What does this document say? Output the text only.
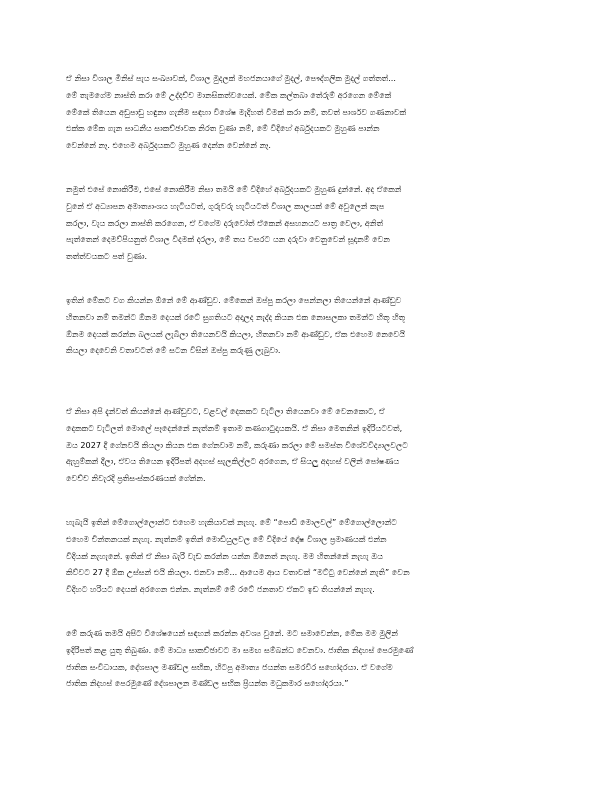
ඒ නිසා විශාල මිනිස් පැය සංඛ්‍යාවක්, විශාල මුදලක් මහජනයාගේ මුදල්, පෞද්ගලික මුදල් ගත්තත්...
මේ තැමගේම නාස්ති කරා මේ උද්දච්ච මානසිකත්වයෙක්. මේක කල්තබා තේරුම් අරගෙන මේකේ
මේකේ තියෙන අඩුපාඩු හඳුනා ගැනීම සඳහා විශේෂ මැදිහත් වීමක් කරා නම්, තවත් පාර්ශව ගණනාවක්
එක්ක මේක ගැන සාධනීය සාකච්ඡාවක නිරත වුණා නම්, මේ විදිහේ අර්බුදයකට මුහුණ පාන්න
වෙන්නේ නෑ. එහෙම අර්බුදයකට මුහුණ දෙන්න වෙන්නේ නෑ.

නමුත් එසේ නොකිරීම, එසේ නොකිරීම නිසා තමයි මේ විදිහේ අර්බුදයකට මුහුණ දුන්නේ. අද ඒකෙන්
වුනේ ඒ අධ්‍යාපන අමාත්‍යාංශය හැටියටත්, ගුරුවරු හැටියටත් විශාල කාලයක් මේ අවුලෙන් කැප
කරලා, වැය කරලා නාස්ති කරගෙන, ඒ වගේම දරුවෝත් ඒකෙන් අසහනයට පාත්‍ර වෙලා, අනිත්
පැත්තෙන් දෙමව්පියනුත් විශාල විදමක් දරලා, මේ තය වසරට යන දරුවා වෙනුවෙන් සූදානම් වෙන
තත්ත්වයකට පත් වුණා.

ඉතින් මේකට වග කියන්න ඕනේ මේ ආණ්ඩුව. මේකෙන් ඔප්පු කරලා පෙන්නලා තියෙන්නේ ආණ්ඩුව
හිතනවා නම් තමන්ට ඕනම දෙයක් රටේ සුගතියට අදාලද නැද්ද කියන එක නොසලකා තමන්ට හිතූ හිතූ
ඕනම දෙයක් කරන්න බලයක් ලැබිලා තියෙනවයි කියලා, හිතනවා නම් ආණ්ඩුව, ඒක එහෙම නෙවෙයි
කියලා දෙවෙනි වතාවටත් මේ සටන විසින් ඔප්පු කරුණු ලැබුවා.

ඒ නිසා අපි දැන්වත් කියන්නේ ආණ්ඩුවට, වළවල් දෙකකට වැටිලා තියෙනවා මේ වෙනකොට, ඒ
දෙකකට වැටිලත් මොලේ පෑදෙන්නේ නැත්නම් ඉතාම කණගාටුදායකයි. ඒ නිසා මෙතනින් ඉදිරියටවත්,
ඔය 2027 දී ගේනවයි කියලා කියන එක ගේනවාම නම්, කරුණා කරලා මේ සමස්ත විශේවවිද්‍යාලවලට
ඇහුම්කන් දීලා, ඒවය තියෙන ඉදිරිපත් අදහස් සැලකිල්ලට අරගෙන, ඒ සියලු අදහස් වලින් පෝෂණය
වෙච්ච නිවැරදි ප්‍රතිසංස්කරණයක් ගේන්න.

හැබැයි ඉතින් මේගොල්ලොන්ට එහෙම හැකියාවක් නැහැ. මේ “පොඩි මොලවල්” මේගොල්ලොන්ට
එහෙම චින්තනයක් නැහැ. නැත්නම් ඉතින් මොඩියුලවල මේ විදියේ දෝෂ විශාල ප්‍රමාණයක් එන්න
විදියක් නැහැනේ. ඉතින් ඒ නිසා බැරි වැඩ කරන්න යන්න ඕනෙත් නැහැ. මම හිතන්නේ නැහැ ඔය
කිව්වට 27 දී ඕක උස්සන් එයි කියලා. එනවා නම්... ආයෙම ආය වතාවක් “මට්ටු වෙන්නේ නැති” වෙන
විදිහට හරියට දෙයක් අරගෙන එන්න. නැත්නම් මේ රටේ ජනතාව ඒකට ඉඩ තියන්නේ නැහැ.

මේ කරුණ තමයි අපිට විශේෂයෙන් සඳහන් කරන්න අවශ්‍ය වුනේ. මට සමාවෙන්න, මේක මම මුලින්
ඉදිරිපත් කළ යුතු තිබුණා. මේ මාධ්‍ය සාකච්ඡාවට මා සමඟ සම්බන්ධ වෙනවා. ජාතික නිදහස් පෙරමුණේ
ජාතික සංවිධායක, දේශපාල මණ්ඩල සභික, හිටපු අමාත්‍ය ජයන්ත සමරවීර සහෝදරයා. ඒ වගේම
ජාතික නිදහස් පෙරමුණේ දේශපාලන මණ්ඩල සභික ප්‍රියන්ත මධුකමාර සහෝදරයා.”
